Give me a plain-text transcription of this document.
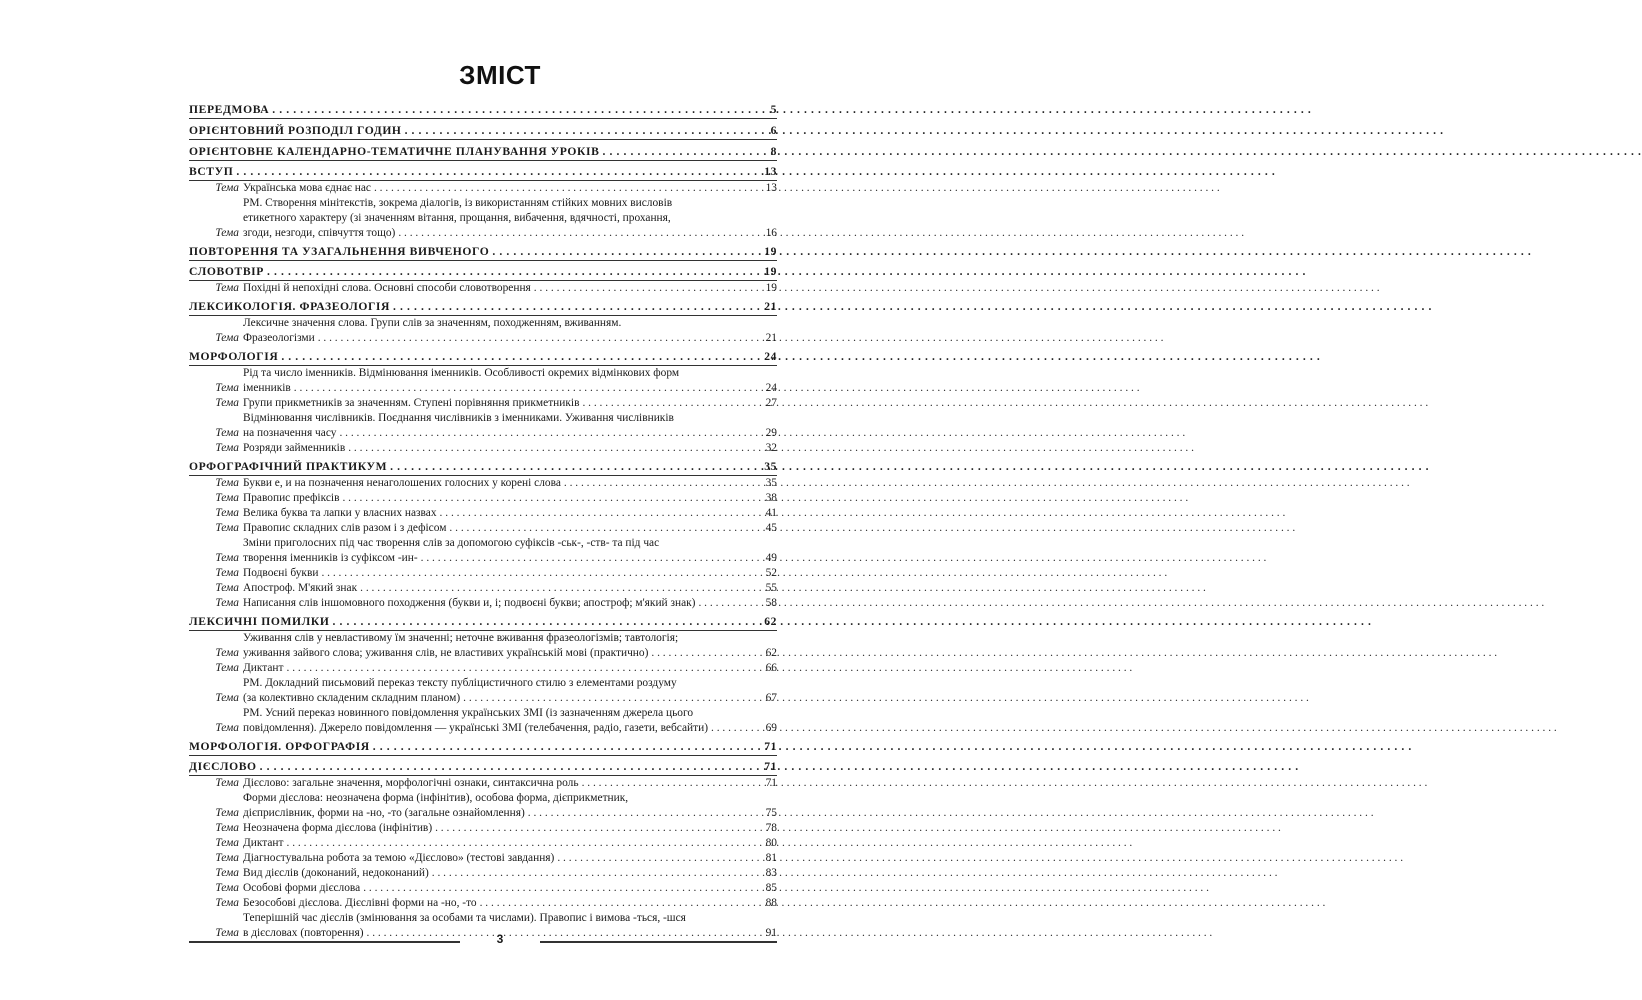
ЗМІСТ
ПЕРЕДМОВА . . .	5
ОРІЄНТОВНИЙ РОЗПОДІЛ ГОДИН . . .	6
ОРІЄНТОВНЕ КАЛЕНДАРНО-ТЕМАТИЧНЕ ПЛАНУВАННЯ УРОКІВ . . .	8
ВСТУП . . .	13
Тема Українська мова єднає нас . . .	13
Тема
РМ. Створення мінітекстів, зокрема діалогів, із використанням стійких мовних висловів
етикетного характеру (зі значенням вітання, прощання, вибачення, вдячності, прохання,
згоди, незгоди, співчуття тощо) . . .	16
ПОВТОРЕННЯ ТА УЗАГАЛЬНЕННЯ ВИВЧЕНОГО . . .	19
СЛОВОТВІР . . .	19
Тема Похідні й непохідні слова. Основні способи словотворення . . .	19
ЛЕКСИКОЛОГІЯ. ФРАЗЕОЛОГІЯ . . .	21
Тема
Лексичне значення слова. Групи слів за значенням, походженням, вживанням.
Фразеологізми . . .	21
МОРФОЛОГІЯ . . .	24
Тема
Рід та число іменників. Відмінювання іменників. Особливості окремих відмінкових форм
іменників . . .	24
Тема Групи прикметників за значенням. Ступені порівняння прикметників . . .	27
Тема
Відмінювання числівників. Поєднання числівників з іменниками. Уживання числівників
на позначення часу . . .	29
Тема Розряди займенників . . .	32
ОРФОГРАФІЧНИЙ ПРАКТИКУМ . . .	35
Тема Букви е, и на позначення ненаголошених голосних у корені слова . . .	35
Тема Правопис префіксів . . .	38
Тема Велика буква та лапки у власних назвах . . .	41
Тема Правопис складних слів разом і з дефісом . . .	45
Тема
Зміни приголосних під час творення слів за допомогою суфіксів -ськ-, -ств- та під час
творення іменників із суфіксом -ин- . . .	49
Тема Подвоєні букви . . .	52
Тема Апостроф. М'який знак . . .	55
Тема Написання слів іншомовного походження (букви и, і; подвоєні букви; апостроф; м'який знак) . . .	58
ЛЕКСИЧНІ ПОМИЛКИ . . .	62
Тема
Уживання слів у невластивому їм значенні; неточне вживання фразеологізмів; тавтологія;
уживання зайвого слова; уживання слів, не властивих українській мові (практично) . . .	62
Тема Диктант . . .	66
Тема
РМ. Докладний письмовий переказ тексту публіцистичного стилю з елементами роздуму
(за колективно складеним складним планом) . . .	67
Тема
РМ. Усний переказ новинного повідомлення українських ЗМІ (із зазначенням джерела цього
повідомлення). Джерело повідомлення — українські ЗМІ (телебачення, радіо, газети, вебсайти) . . .	69
МОРФОЛОГІЯ. ОРФОГРАФІЯ . . .	71
ДІЄСЛОВО . . .	71
Тема Дієслово: загальне значення, морфологічні ознаки, синтаксична роль . . .	71
Тема
Форми дієслова: неозначена форма (інфінітив), особова форма, дієприкметник,
дієприслівник, форми на -но, -то (загальне ознайомлення) . . .	75
Тема Неозначена форма дієслова (інфінітив) . . .	78
Тема Диктант . . .	80
Тема Діагностувальна робота за темою «Дієслово» (тестові завдання) . . .	81
Тема Вид дієслів (доконаний, недоконаний) . . .	83
Тема Особові форми дієслова . . .	85
Тема Безособові дієслова. Дієслівні форми на -но, -то . . .	88
Тема
Теперішній час дієслів (змінювання за особами та числами). Правопис і вимова -ться, -шся
в дієсловах (повторення) . . .	91
3
